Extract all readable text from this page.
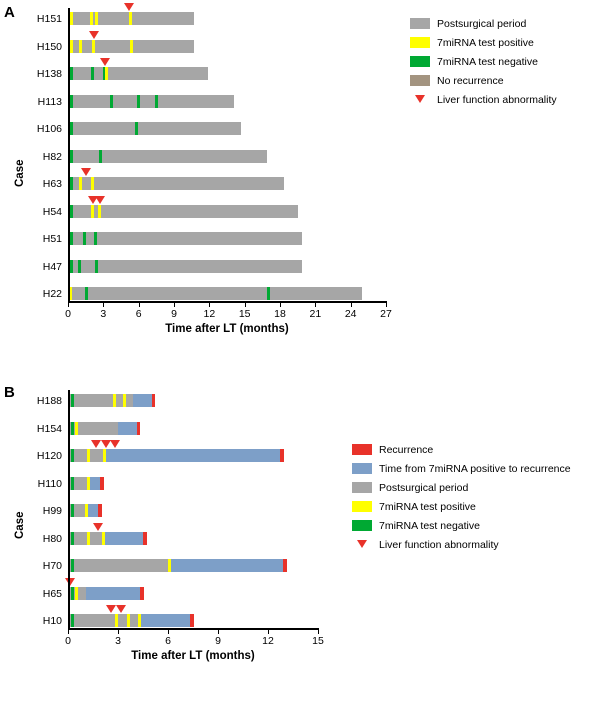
A	H151
H150
H138
H113
H106
H82
H63
H54
H51
H47
H22
0	3	6	9	12	15	18	21	24	27
Time after LT (months)
Case
Postsurgical period
7miRNA test positive
7miRNA test negative
No recurrence
Liver function abnormality
B	H188
H154
H120
H110
H99
H80
H70
H65
H10
0	3	6	9	12	15
Time after LT (months)
Case
Recurrence
Time from 7miRNA positive to recurrence
Postsurgical period
7miRNA test positive
7miRNA test negative
Liver function abnormality
